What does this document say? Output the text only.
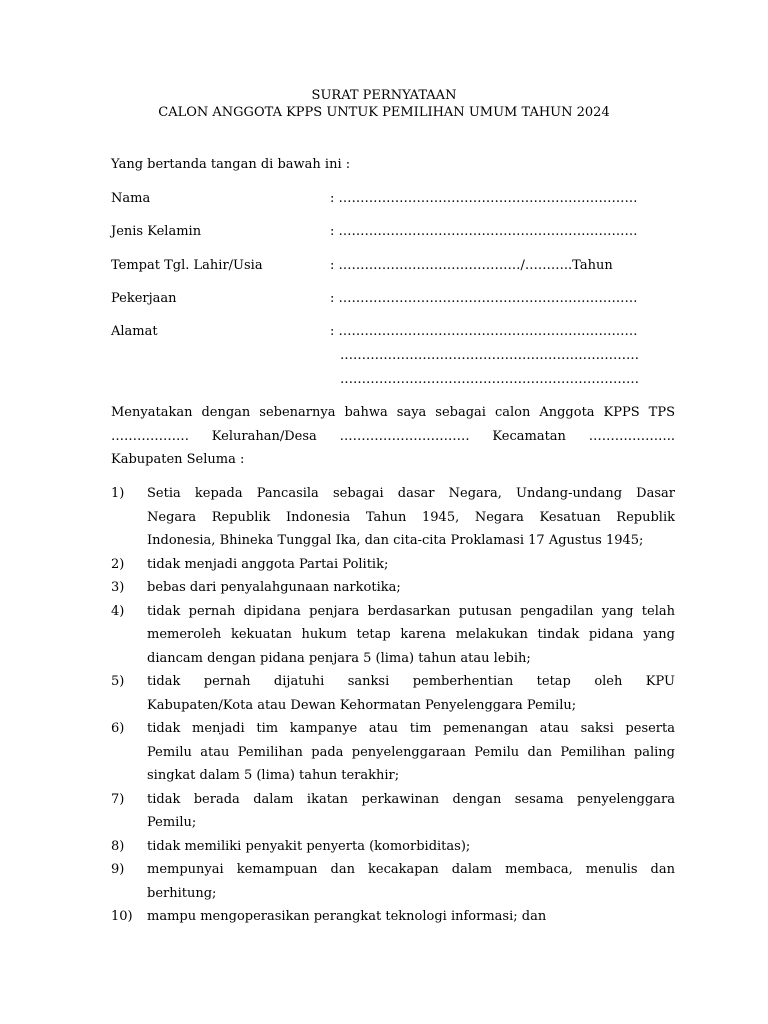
SURAT PERNYATAAN
CALON ANGGOTA KPPS UNTUK PEMILIHAN UMUM TAHUN 2024
Yang bertanda tangan di bawah ini :
Nama	: ……………………………………………………………
Jenis Kelamin	: ……………………………………………………………
Tempat Tgl. Lahir/Usia	: ……………………………………/………..Tahun
Pekerjaan	: ……………………………………………………………
Alamat	: ……………………………………………………………
……………………………………………………………
……………………………………………………………
Menyatakan dengan sebenarnya bahwa saya sebagai calon Anggota KPPS TPS
……………… Kelurahan/Desa ………………………… Kecamatan ………………..
Kabupaten Seluma :
1) Setia kepada Pancasila sebagai dasar Negara, Undang-undang Dasar
Negara Republik Indonesia Tahun 1945, Negara Kesatuan Republik
Indonesia, Bhineka Tunggal Ika, dan cita-cita Proklamasi 17 Agustus 1945;
2) tidak menjadi anggota Partai Politik;
3) bebas dari penyalahgunaan narkotika;
4) tidak pernah dipidana penjara berdasarkan putusan pengadilan yang telah
memeroleh kekuatan hukum tetap karena melakukan tindak pidana yang
diancam dengan pidana penjara 5 (lima) tahun atau lebih;
5) tidak pernah dijatuhi sanksi pemberhentian tetap oleh KPU
Kabupaten/Kota atau Dewan Kehormatan Penyelenggara Pemilu;
6) tidak menjadi tim kampanye atau tim pemenangan atau saksi peserta
Pemilu atau Pemilihan pada penyelenggaraan Pemilu dan Pemilihan paling
singkat dalam 5 (lima) tahun terakhir;
7) tidak berada dalam ikatan perkawinan dengan sesama penyelenggara
Pemilu;
8) tidak memiliki penyakit penyerta (komorbiditas);
9) mempunyai kemampuan dan kecakapan dalam membaca, menulis dan
berhitung;
10) mampu mengoperasikan perangkat teknologi informasi; dan
